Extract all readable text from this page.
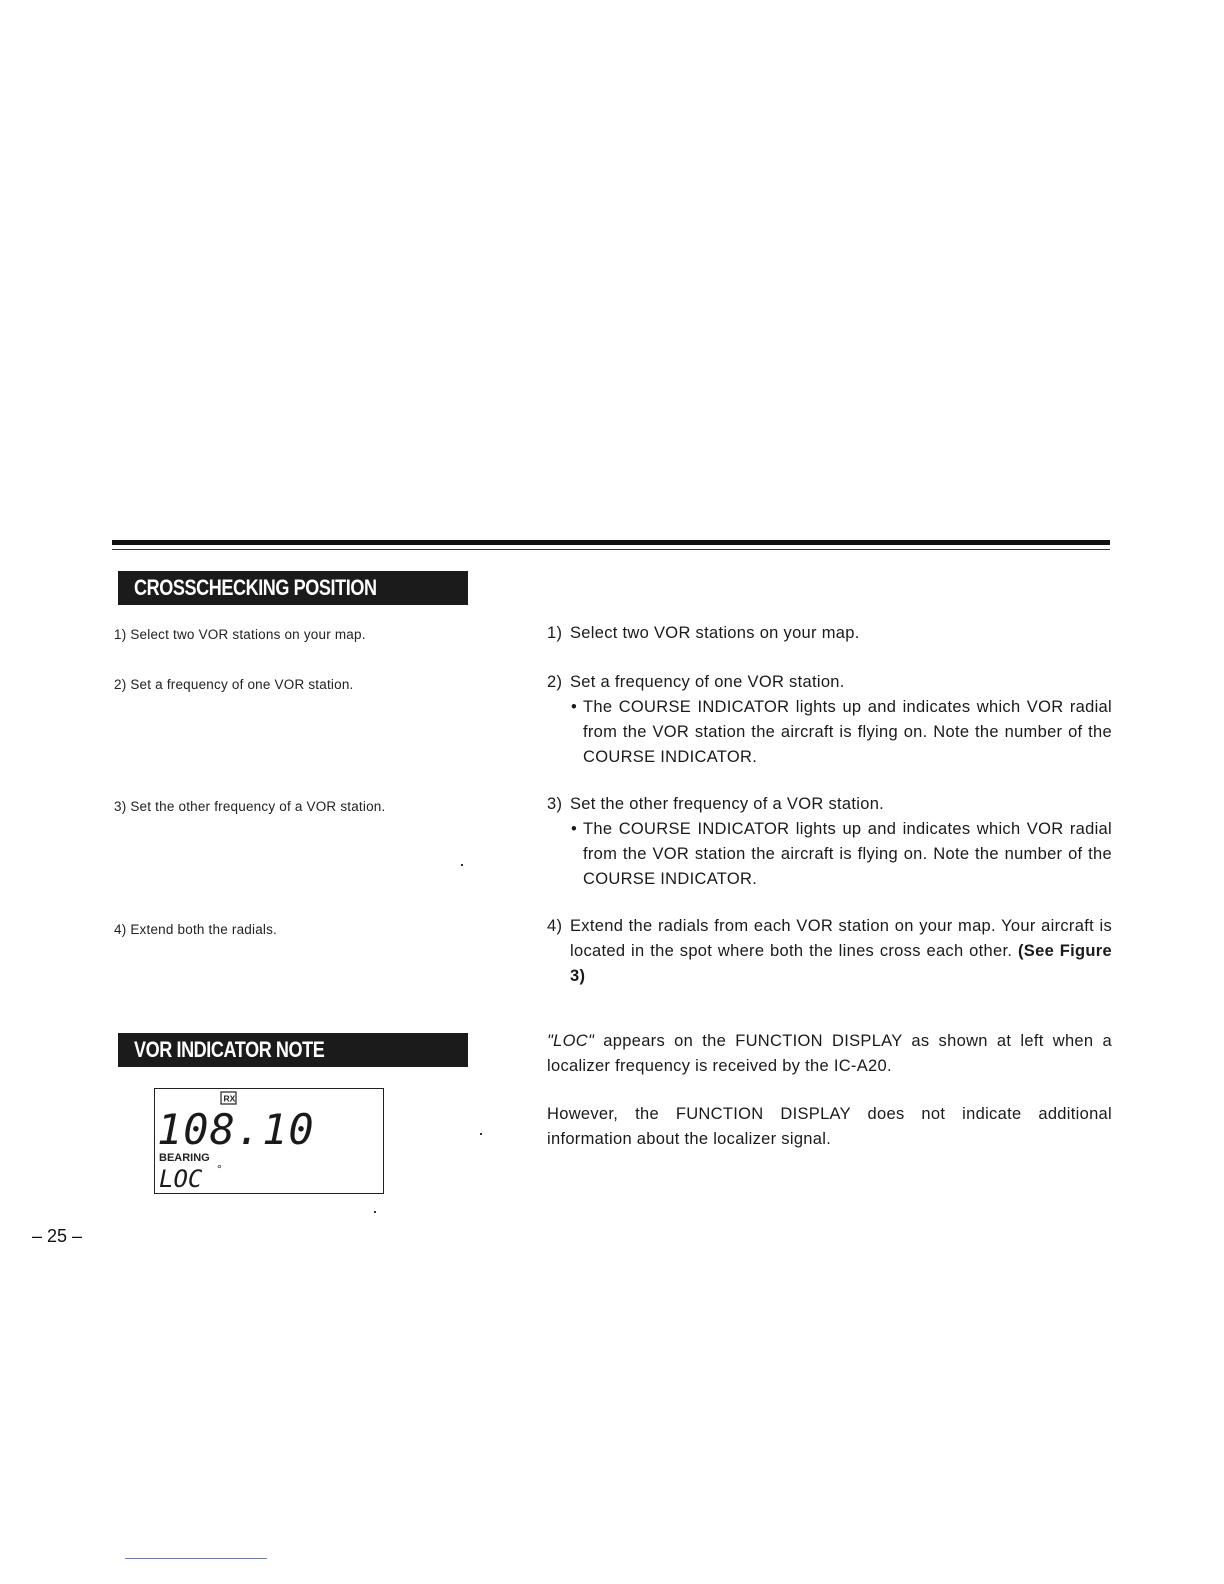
CROSSCHECKING POSITION
1) Select two VOR stations on your map.
2) Set a frequency of one VOR station.
3) Set the other frequency of a VOR station.
4) Extend both the radials.
1) Select two VOR stations on your map.
2) Set a frequency of one VOR station.
• The COURSE INDICATOR lights up and indicates which VOR radial from the VOR station the aircraft is flying on. Note the number of the COURSE INDICATOR.
3) Set the other frequency of a VOR station.
• The COURSE INDICATOR lights up and indicates which VOR radial from the VOR station the aircraft is flying on. Note the number of the COURSE INDICATOR.
4) Extend the radials from each VOR station on your map. Your aircraft is located in the spot where both the lines cross each other. (See Figure 3)
VOR INDICATOR NOTE	"LOC" appears on the FUNCTION DISPLAY as shown at left when a localizer frequency is received by the IC-A20.
However, the FUNCTION DISPLAY does not indicate additional information about the localizer signal.
RX
108.10
BEARING
LOC °
– 25 –
